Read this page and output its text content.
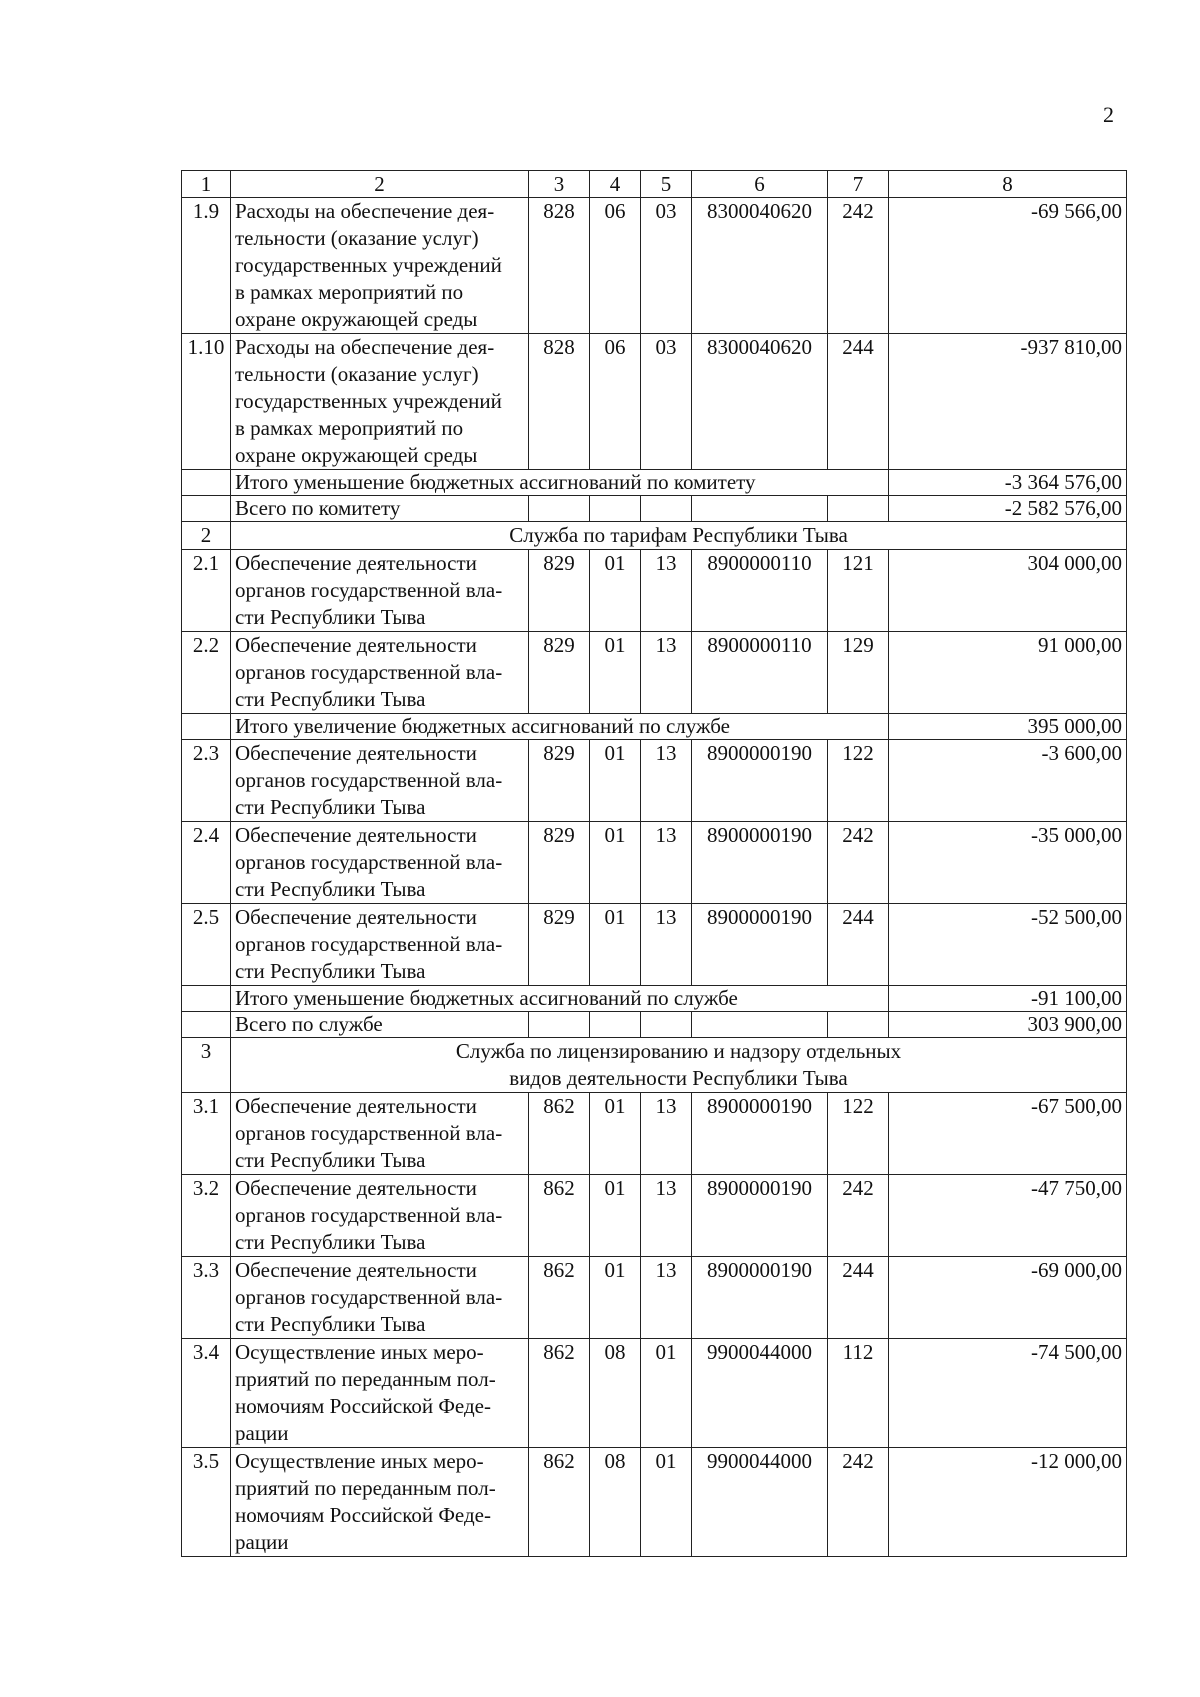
2
1	2	3	4	5	6	7	8
1.9	Расходы на обеспечение дея-
тельности (оказание услуг)
государственных учреждений
в рамках мероприятий по
охране окружающей среды	828	06	03	8300040620	242	-69 566,00
1.10	Расходы на обеспечение дея-
тельности (оказание услуг)
государственных учреждений
в рамках мероприятий по
охране окружающей среды	828	06	03	8300040620	244	-937 810,00
	Итого уменьшение бюджетных ассигнований по комитету						-3 364 576,00
	Всего по комитету						-2 582 576,00
2	Служба по тарифам Республики Тыва						

2.1	Обеспечение деятельности
органов государственной вла-
сти Республики Тыва	829	01	13	8900000110	121	304 000,00
2.2	Обеспечение деятельности
органов государственной вла-
сти Республики Тыва	829	01	13	8900000110	129	91 000,00
	Итого увеличение бюджетных ассигнований по службе						395 000,00
2.3	Обеспечение деятельности
органов государственной вла-
сти Республики Тыва	829	01	13	8900000190	122	-3 600,00
2.4	Обеспечение деятельности
органов государственной вла-
сти Республики Тыва	829	01	13	8900000190	242	-35 000,00
2.5	Обеспечение деятельности
органов государственной вла-
сти Республики Тыва	829	01	13	8900000190	244	-52 500,00
	Итого уменьшение бюджетных ассигнований по службе						-91 100,00
	Всего по службе						303 900,00
3	Служба по лицензированию и надзору отдельных
видов деятельности Республики Тыва						

3.1	Обеспечение деятельности
органов государственной вла-
сти Республики Тыва	862	01	13	8900000190	122	-67 500,00
3.2	Обеспечение деятельности
органов государственной вла-
сти Республики Тыва	862	01	13	8900000190	242	-47 750,00
3.3	Обеспечение деятельности
органов государственной вла-
сти Республики Тыва	862	01	13	8900000190	244	-69 000,00
3.4	Осуществление иных меро-
приятий по переданным пол-
номочиям Российской Феде-
рации	862	08	01	9900044000	112	-74 500,00
3.5	Осуществление иных меро-
приятий по переданным пол-
номочиям Российской Феде-
рации	862	08	01	9900044000	242	-12 000,00
